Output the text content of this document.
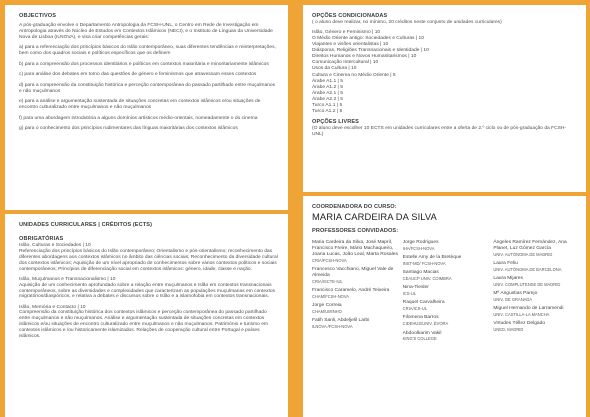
OBJECTIVOS
A pós-graduação envolve o Departamento Antropologia da FCSH-UNL, o Centro em Rede de Investigação em Antropologia através do Núcleo de Estudos em Contextos Islâmicos (NECI), e o Instituto de Línguas da Universidade Nova de Lisboa (ILNOVA), e visa criar competências gerais:
a) para a referenciação dos princípios básicos do Islão contemporâneo, suas diferentes tendências e reinterpretações, bem como dos quadros sociais e políticos específicos que os definem
b) para a compreensão dos processos identitários e políticos em contextos maioritária e minoritariamente islâmicos
c) para análise dos debates em torno das questões de género e feminismos que atravessam esses contextos
d) para a compreensão da constituição histórica e perceção contemporânea do passado partilhado entre muçulmanos e não muçulmanos
e) para a análise e argumentação sustentada de situações concretas em contextos islâmicos e/ou situações de encontro culturalizado entre muçulmanos e não muçulmanos
f) para uma abordagem introdutória a alguns domínios artísticos médio-orientais, nomeadamente o do cinema
g) para o conhecimento dos princípios rudimentares das línguas maioritárias dos contextos islâmicos
OPÇÕES CONDICIONADAS
( o aluno deve realizar, no mínimo, 20 créditos neste conjunto de unidades curriculares)
Islão, Género e Feminismo | 10
O Médio Oriente antigo: Sociedades e Culturas | 10
Viajantes e visões orientalistas | 10
Diásporas, Religiões Transnacionais e Identidade | 10
Direitos Humanos e Novos Humanitarismos | 10
Comunicação Intercultural | 10
Usos da Cultura | 10
Cultura e Cinema no Médio Oriente | 5
Árabe A1.1 | 5
Árabe A1.2 | 5
Árabe A2.1 | 5
Árabe A2.2 | 5
Turco A1.1 | 5
Turco A1.2 | 5
OPÇÕES LIVRES
(O aluno deve escolher 10 ECTS em unidades curriculares entre a oferta de 2.º ciclo ou de pós-graduação da FCSH-UNL)
UNIDADES CURRICULARES | CRÉDITOS (ECTS)
OBRIGATÓRIAS
Islão, Culturas e Sociedades | 10
Referenciação dos princípios básicos do Islão contemporâneo; Orientalismo e pós-orientalismo; reconhecimento das diferentes abordagens aos contextos islâmicos no âmbito das ciências sociais; Reconhecimento da diversidade cultural dos contextos islâmicos; Aquisição de um nível apropriado de conhecimentos sobre vários contextos políticos e sociais contemporâneos; Princípios de diferenciação social em contextos islâmicos: género, idade, classe e nação.
Islão, Muçulmanos e Transnacionalismo | 10
Aquisição de um conhecimento aprofundado sobre a relação entre muçulmanos e Islão em contextos transnacionais contemporâneos, sobre as diversidades e complexidades que caracterizam as populações muçulmanas em contextos migratórios/diaspóricos, e relativa a debates e discursos sobre o Islão e a islamofobia em contextos transnacionais.
Islão, Memória e Contacto | 10
Compreensão da constituição histórica dos contextos islâmicos e perceção contemporânea do passado partilhado entre muçulmanos e não muçulmanos. Análise e argumentação sustentada de situações concretas em contextos islâmicos e/ou situações de encontro culturalizado entre muçulmanos e não muçulmanos. Património e turismo em contextos islâmicos e /ou historicamente islamizados. Relações de cooperação cultural entre Portugal e países islâmicos.
COORDENADORA DO CURSO:
MARIA CARDEIRA DA SILVA
PROFESSORES CONVIDADOS:
Maria Cardeira da Silva, José Mapril, Francisco Freire, Mário Machaqueiro, Joana Lucas, João Leal, Marta Rosales
CRIA/FCSH-NOVA
Francesco Vacchiano, Miguel Vale de Almeida
CRIA/ISCTE-IUL
Francisco Caramelo, André Teixeira
CHAM/FCSH-NOVA
Jorge Correia
CHAM/UMINHO
Fatih Sanli, Abdeljelil Larbi
ILNOVA /FCSH-NOVA
Jorge Rodrigues
IHA/FCSH-NOVA
Estelle Amy de la Bretèque
INST-MD/ FCSH-NOVA
Santiago Macias
CEAUCP UNIV. COIMBRA
Nina-Tiesler
ICS-UL
Raquel Carvalheira
CRIA/ICS-UL
Filomena Barros
CIDEHUS/UNIV. ÉVORA
Abdoolkarim Vakil
KING'S COLLEGE
Ángeles Ramírez Fernández, Ana Planet, Luz Gómez García
UNIV. AUTÓNOMA DE MADRID
Laura Feliu
UNIV. AUTÓNOMA DE BARCELONA
Laura Mijares
UNIV. COMPLUTENSE DE MADRID
Mª Angustias Parejo
UNIV. DE GRANADA
Miguel Hernando de Larramendi
UNIV. CASTILLA-LA MANCHA
Virtudes Téllez Delgado
UNED, MADRID
